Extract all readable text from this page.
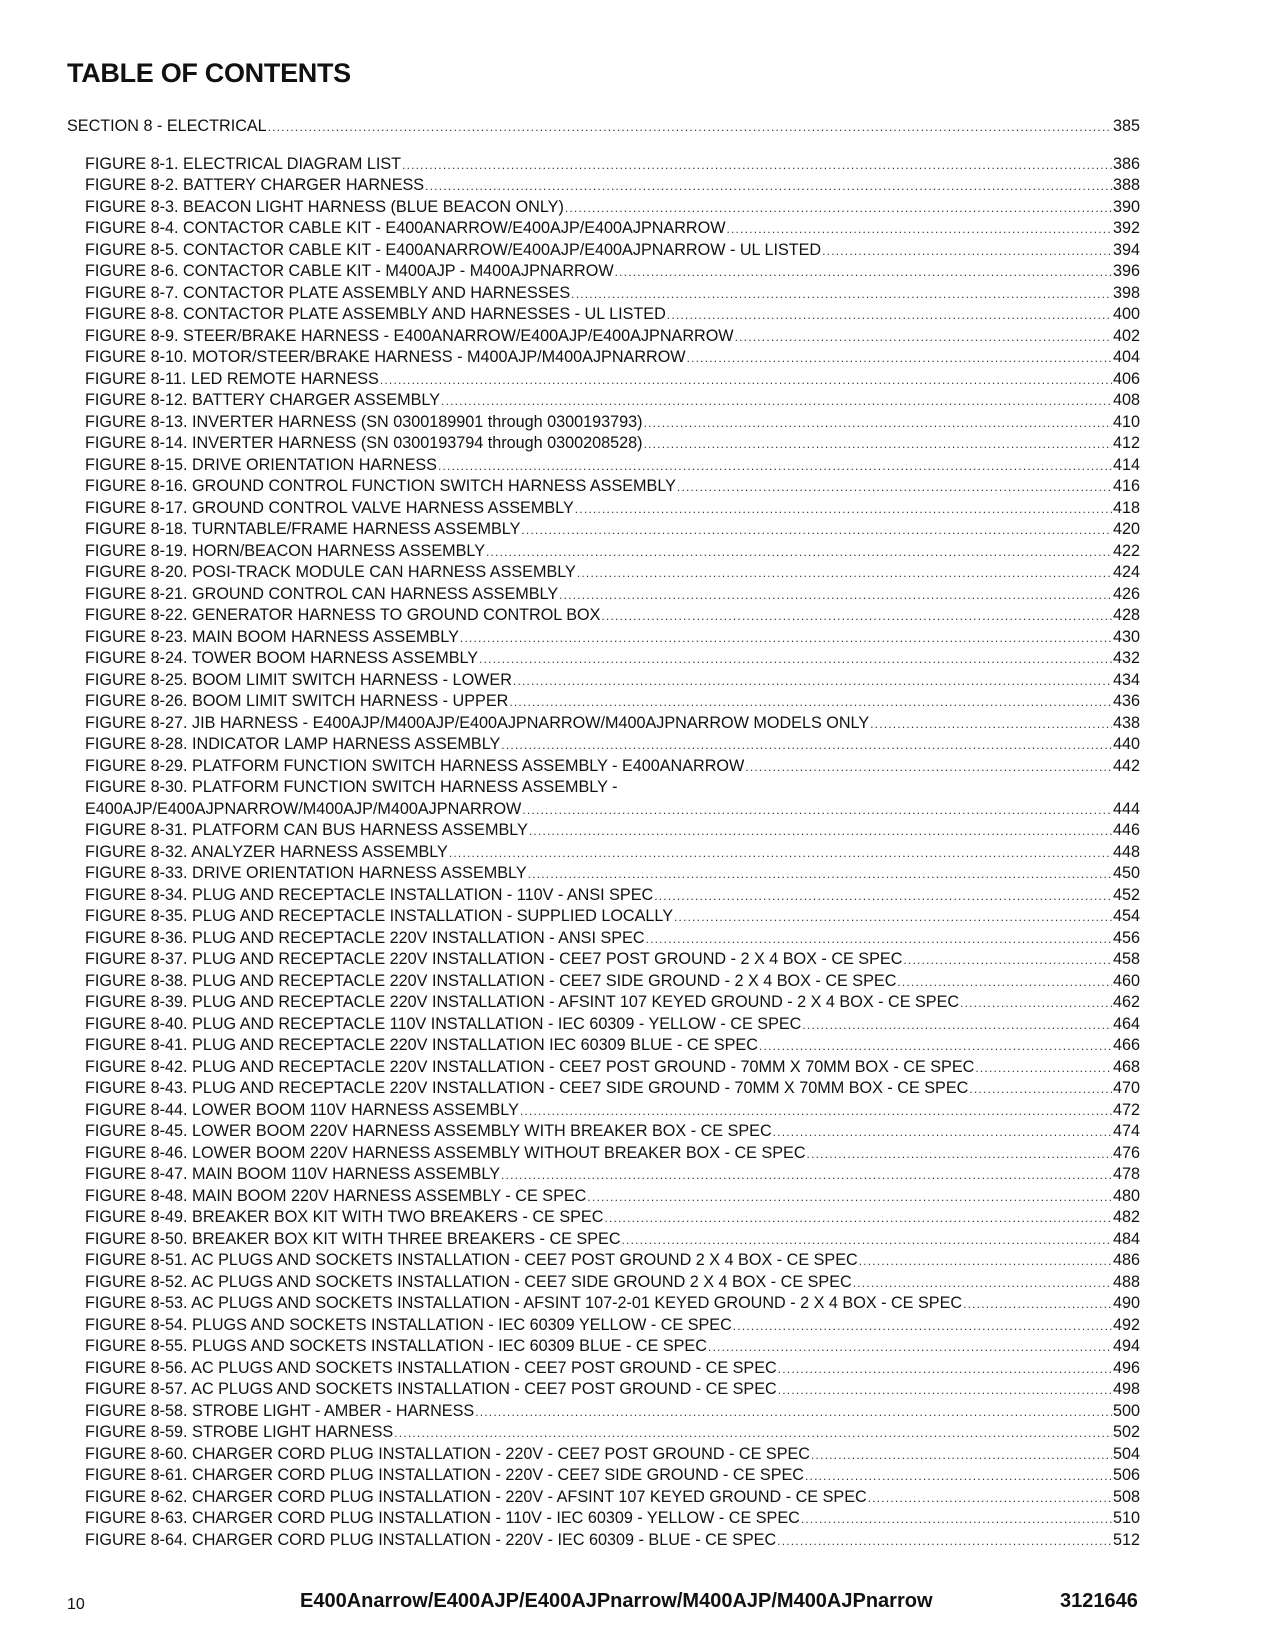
TABLE OF CONTENTS
SECTION 8 - ELECTRICAL .....	385
FIGURE 8-1. ELECTRICAL DIAGRAM LIST .....	386
FIGURE 8-2. BATTERY CHARGER HARNESS .....	388
FIGURE 8-3. BEACON LIGHT HARNESS (BLUE BEACON ONLY) .....	390
FIGURE 8-4. CONTACTOR CABLE KIT - E400ANARROW/E400AJP/E400AJPNARROW .....	392
FIGURE 8-5. CONTACTOR CABLE KIT - E400ANARROW/E400AJP/E400AJPNARROW - UL LISTED .....	394
FIGURE 8-6. CONTACTOR CABLE KIT - M400AJP - M400AJPNARROW .....	396
FIGURE 8-7. CONTACTOR PLATE ASSEMBLY AND HARNESSES .....	398
FIGURE 8-8. CONTACTOR PLATE ASSEMBLY AND HARNESSES - UL LISTED .....	400
FIGURE 8-9. STEER/BRAKE HARNESS - E400ANARROW/E400AJP/E400AJPNARROW .....	402
FIGURE 8-10. MOTOR/STEER/BRAKE HARNESS - M400AJP/M400AJPNARROW .....	404
FIGURE 8-11. LED REMOTE HARNESS .....	406
FIGURE 8-12. BATTERY CHARGER ASSEMBLY .....	408
FIGURE 8-13. INVERTER HARNESS (SN 0300189901 through 0300193793) .....	410
FIGURE 8-14. INVERTER HARNESS (SN 0300193794 through 0300208528) .....	412
FIGURE 8-15. DRIVE ORIENTATION HARNESS .....	414
FIGURE 8-16. GROUND CONTROL FUNCTION SWITCH HARNESS ASSEMBLY .....	416
FIGURE 8-17. GROUND CONTROL VALVE HARNESS ASSEMBLY .....	418
FIGURE 8-18. TURNTABLE/FRAME HARNESS ASSEMBLY .....	420
FIGURE 8-19. HORN/BEACON HARNESS ASSEMBLY .....	422
FIGURE 8-20. POSI-TRACK MODULE CAN HARNESS ASSEMBLY .....	424
FIGURE 8-21. GROUND CONTROL CAN HARNESS ASSEMBLY .....	426
FIGURE 8-22. GENERATOR HARNESS TO GROUND CONTROL BOX .....	428
FIGURE 8-23. MAIN BOOM HARNESS ASSEMBLY .....	430
FIGURE 8-24. TOWER BOOM HARNESS ASSEMBLY .....	432
FIGURE 8-25. BOOM LIMIT SWITCH HARNESS - LOWER .....	434
FIGURE 8-26. BOOM LIMIT SWITCH HARNESS - UPPER .....	436
FIGURE 8-27. JIB HARNESS - E400AJP/M400AJP/E400AJPNARROW/M400AJPNARROW MODELS ONLY .....	438
FIGURE 8-28. INDICATOR LAMP HARNESS ASSEMBLY .....	440
FIGURE 8-29. PLATFORM FUNCTION SWITCH HARNESS ASSEMBLY - E400ANARROW .....	442
FIGURE 8-30. PLATFORM FUNCTION SWITCH HARNESS ASSEMBLY -
E400AJP/E400AJPNARROW/M400AJP/M400AJPNARROW .....	444
FIGURE 8-31. PLATFORM CAN BUS HARNESS ASSEMBLY .....	446
FIGURE 8-32. ANALYZER HARNESS ASSEMBLY .....	448
FIGURE 8-33. DRIVE ORIENTATION HARNESS ASSEMBLY .....	450
FIGURE 8-34. PLUG AND RECEPTACLE INSTALLATION - 110V - ANSI SPEC .....	452
FIGURE 8-35. PLUG AND RECEPTACLE INSTALLATION - SUPPLIED LOCALLY .....	454
FIGURE 8-36. PLUG AND RECEPTACLE 220V INSTALLATION - ANSI SPEC .....	456
FIGURE 8-37. PLUG AND RECEPTACLE 220V INSTALLATION - CEE7 POST GROUND - 2 X 4 BOX - CE SPEC .....	458
FIGURE 8-38. PLUG AND RECEPTACLE 220V INSTALLATION - CEE7 SIDE GROUND - 2 X 4 BOX - CE SPEC .....	460
FIGURE 8-39. PLUG AND RECEPTACLE 220V INSTALLATION - AFSINT 107 KEYED GROUND - 2 X 4 BOX - CE SPEC .....	462
FIGURE 8-40. PLUG AND RECEPTACLE 110V INSTALLATION - IEC 60309 - YELLOW - CE SPEC .....	464
FIGURE 8-41. PLUG AND RECEPTACLE 220V INSTALLATION IEC 60309 BLUE - CE SPEC .....	466
FIGURE 8-42. PLUG AND RECEPTACLE 220V INSTALLATION - CEE7 POST GROUND - 70MM X 70MM BOX - CE SPEC .....	468
FIGURE 8-43. PLUG AND RECEPTACLE 220V INSTALLATION - CEE7 SIDE GROUND - 70MM X 70MM BOX - CE SPEC .....	470
FIGURE 8-44. LOWER BOOM 110V HARNESS ASSEMBLY .....	472
FIGURE 8-45. LOWER BOOM 220V HARNESS ASSEMBLY WITH BREAKER BOX - CE SPEC .....	474
FIGURE 8-46. LOWER BOOM 220V HARNESS ASSEMBLY WITHOUT BREAKER BOX - CE SPEC .....	476
FIGURE 8-47. MAIN BOOM 110V HARNESS ASSEMBLY .....	478
FIGURE 8-48. MAIN BOOM 220V HARNESS ASSEMBLY - CE SPEC .....	480
FIGURE 8-49. BREAKER BOX KIT WITH TWO BREAKERS - CE SPEC .....	482
FIGURE 8-50. BREAKER BOX KIT WITH THREE BREAKERS - CE SPEC .....	484
FIGURE 8-51. AC PLUGS AND SOCKETS INSTALLATION - CEE7 POST GROUND 2 X 4 BOX - CE SPEC .....	486
FIGURE 8-52. AC PLUGS AND SOCKETS INSTALLATION - CEE7 SIDE GROUND 2 X 4 BOX - CE SPEC .....	488
FIGURE 8-53. AC PLUGS AND SOCKETS INSTALLATION - AFSINT 107-2-01 KEYED GROUND - 2 X 4 BOX - CE SPEC .....	490
FIGURE 8-54. PLUGS AND SOCKETS INSTALLATION - IEC 60309 YELLOW - CE SPEC .....	492
FIGURE 8-55. PLUGS AND SOCKETS INSTALLATION - IEC 60309 BLUE - CE SPEC .....	494
FIGURE 8-56. AC PLUGS AND SOCKETS INSTALLATION - CEE7 POST GROUND - CE SPEC .....	496
FIGURE 8-57. AC PLUGS AND SOCKETS INSTALLATION - CEE7 POST GROUND - CE SPEC .....	498
FIGURE 8-58. STROBE LIGHT - AMBER - HARNESS .....	500
FIGURE 8-59. STROBE LIGHT HARNESS .....	502
FIGURE 8-60. CHARGER CORD PLUG INSTALLATION - 220V - CEE7 POST GROUND - CE SPEC .....	504
FIGURE 8-61. CHARGER CORD PLUG INSTALLATION - 220V - CEE7 SIDE GROUND - CE SPEC .....	506
FIGURE 8-62. CHARGER CORD PLUG INSTALLATION - 220V - AFSINT 107 KEYED GROUND - CE SPEC .....	508
FIGURE 8-63. CHARGER CORD PLUG INSTALLATION - 110V - IEC 60309 - YELLOW - CE SPEC .....	510
FIGURE 8-64. CHARGER CORD PLUG INSTALLATION - 220V - IEC 60309 - BLUE - CE SPEC .....	512
10	E400Anarrow/E400AJP/E400AJPnarrow/M400AJP/M400AJPnarrow	3121646
